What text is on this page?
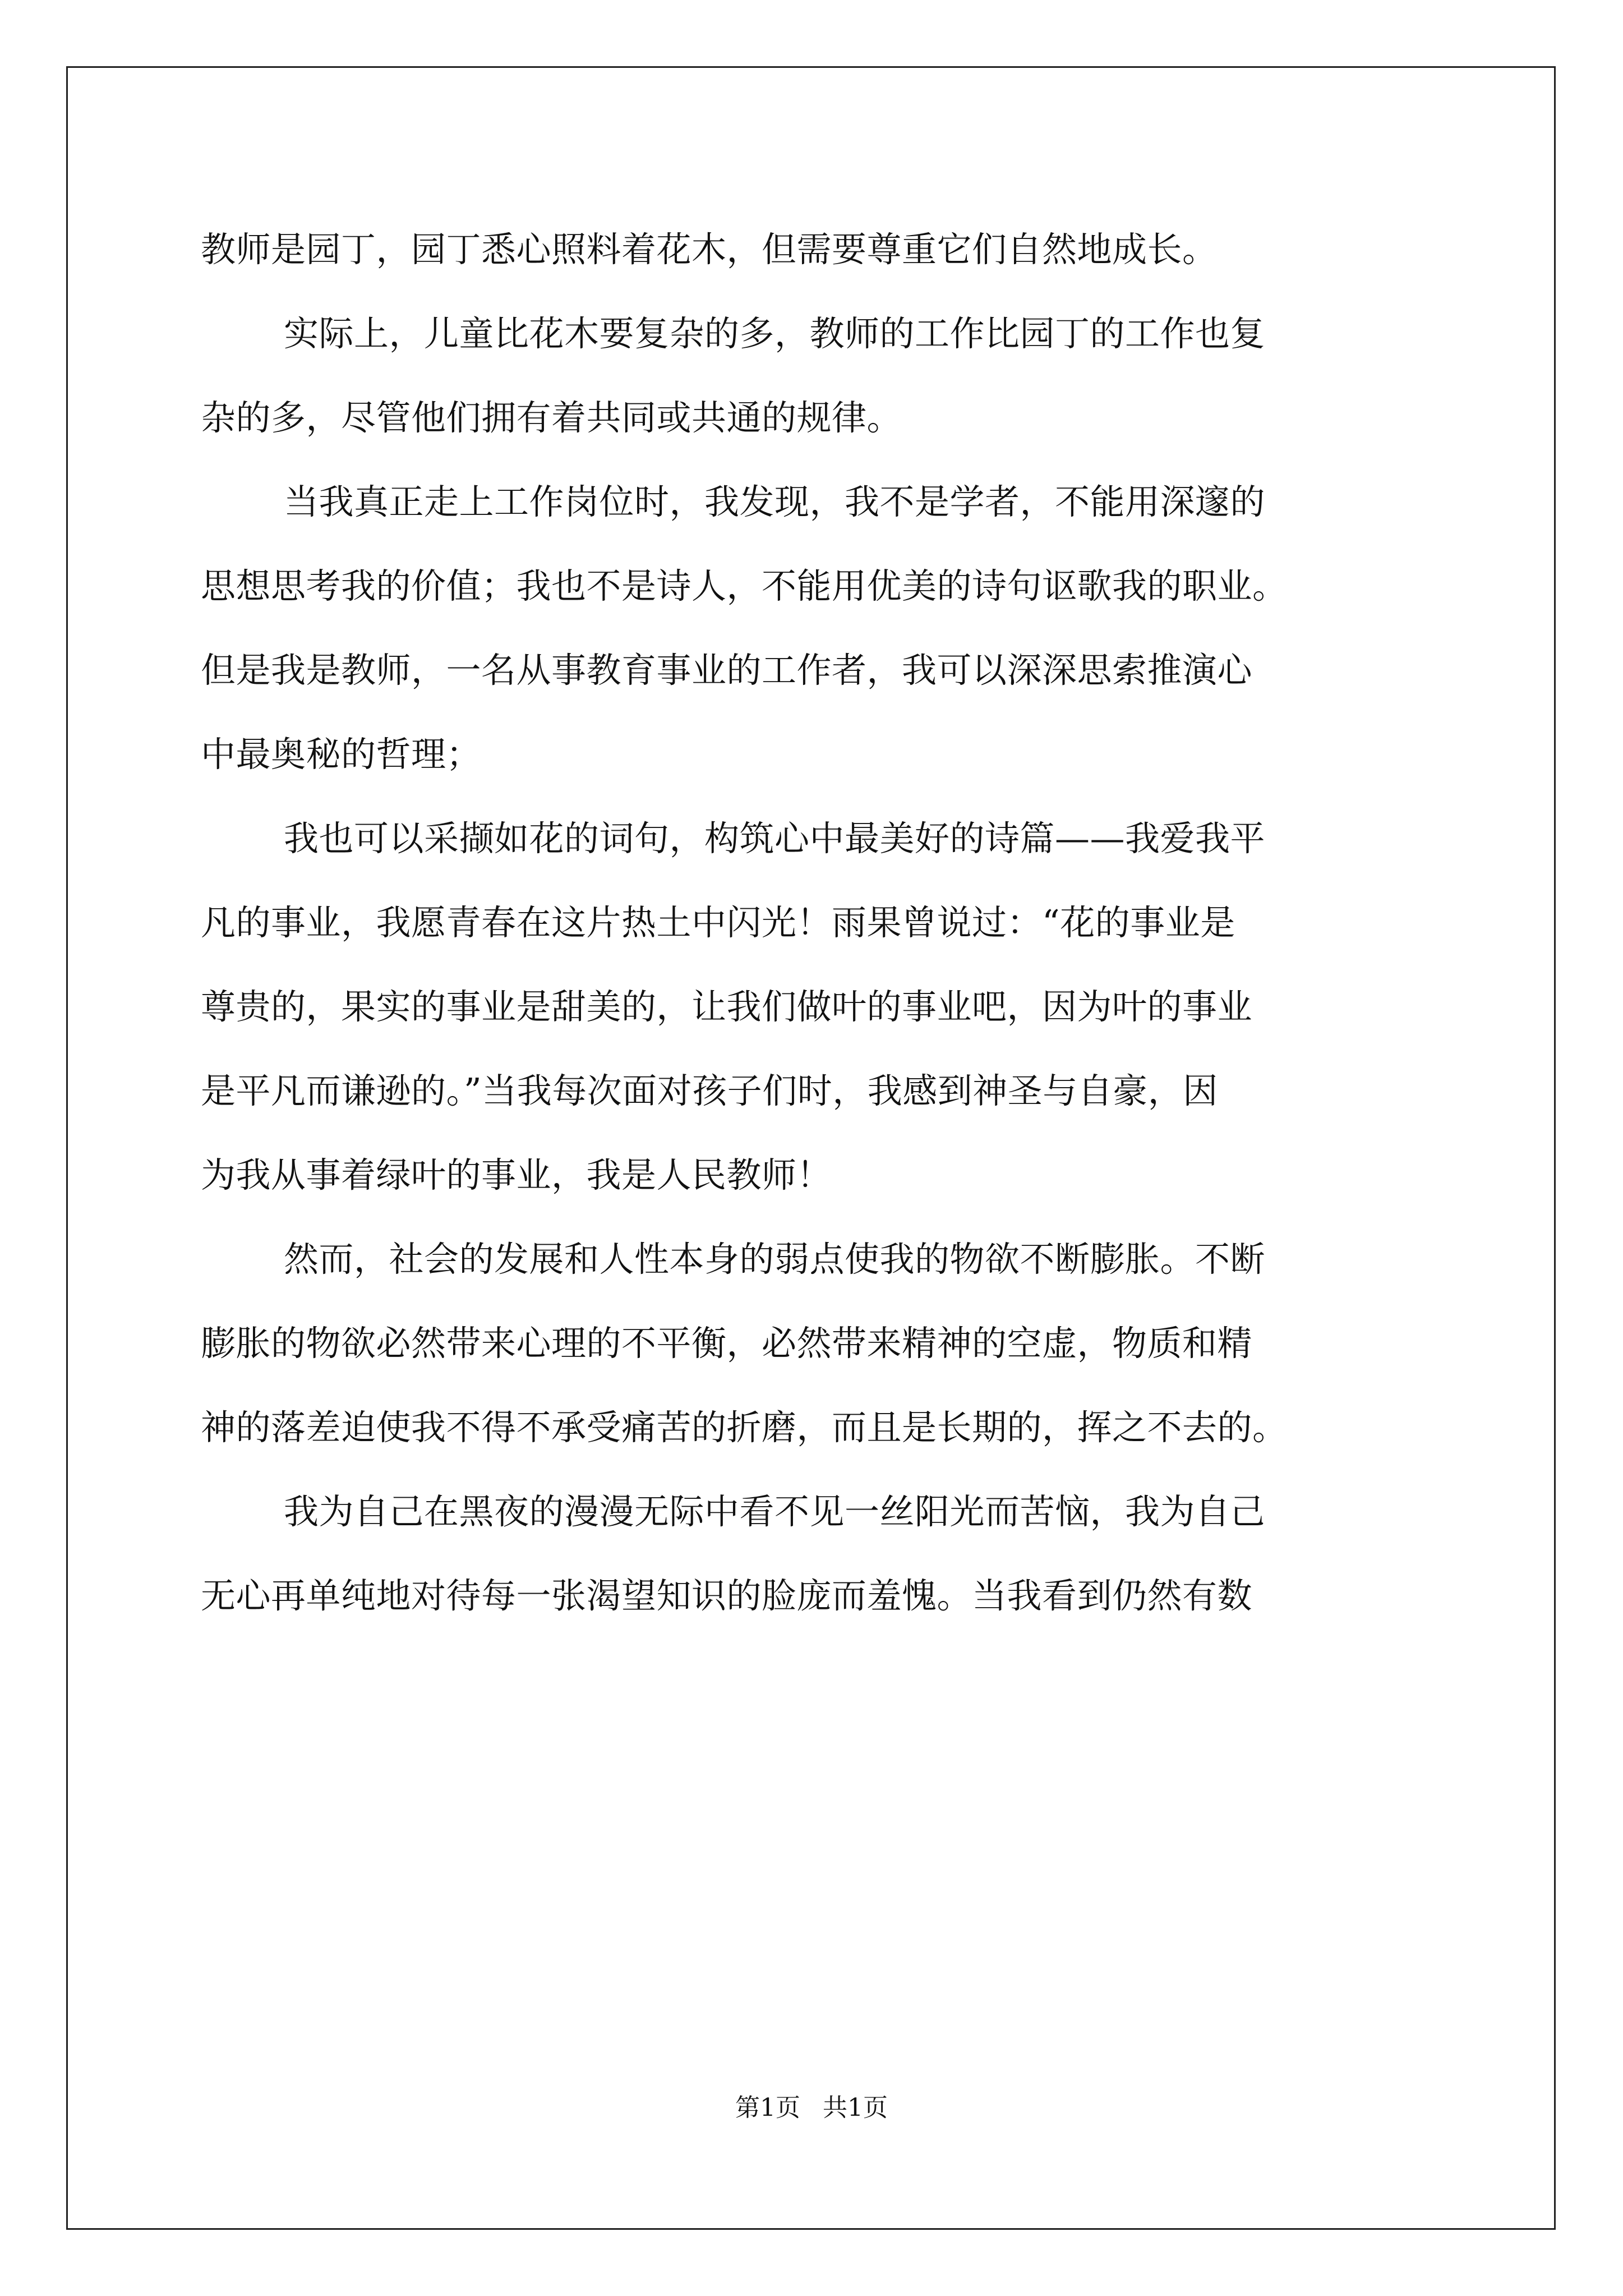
教师是园丁，园丁悉心照料着花木，但需要尊重它们自然地成长。
实际上，儿童比花木要复杂的多，教师的工作比园丁的工作也复
杂的多，尽管他们拥有着共同或共通的规律。
当我真正走上工作岗位时，我发现，我不是学者，不能用深邃的
思想思考我的价值；我也不是诗人，不能用优美的诗句讴歌我的职业。
但是我是教师，一名从事教育事业的工作者，我可以深深思索推演心
中最奥秘的哲理；
我也可以采撷如花的词句，构筑心中最美好的诗篇——我爱我平
凡的事业，我愿青春在这片热土中闪光！雨果曾说过：“花的事业是
尊贵的，果实的事业是甜美的，让我们做叶的事业吧，因为叶的事业
是平凡而谦逊的。”当我每次面对孩子们时，我感到神圣与自豪，因
为我从事着绿叶的事业，我是人民教师！
然而，社会的发展和人性本身的弱点使我的物欲不断膨胀。不断
膨胀的物欲必然带来心理的不平衡，必然带来精神的空虚，物质和精
神的落差迫使我不得不承受痛苦的折磨，而且是长期的，挥之不去的。
我为自己在黑夜的漫漫无际中看不见一丝阳光而苦恼，我为自己
无心再单纯地对待每一张渴望知识的脸庞而羞愧。当我看到仍然有数
第1页 共1页
